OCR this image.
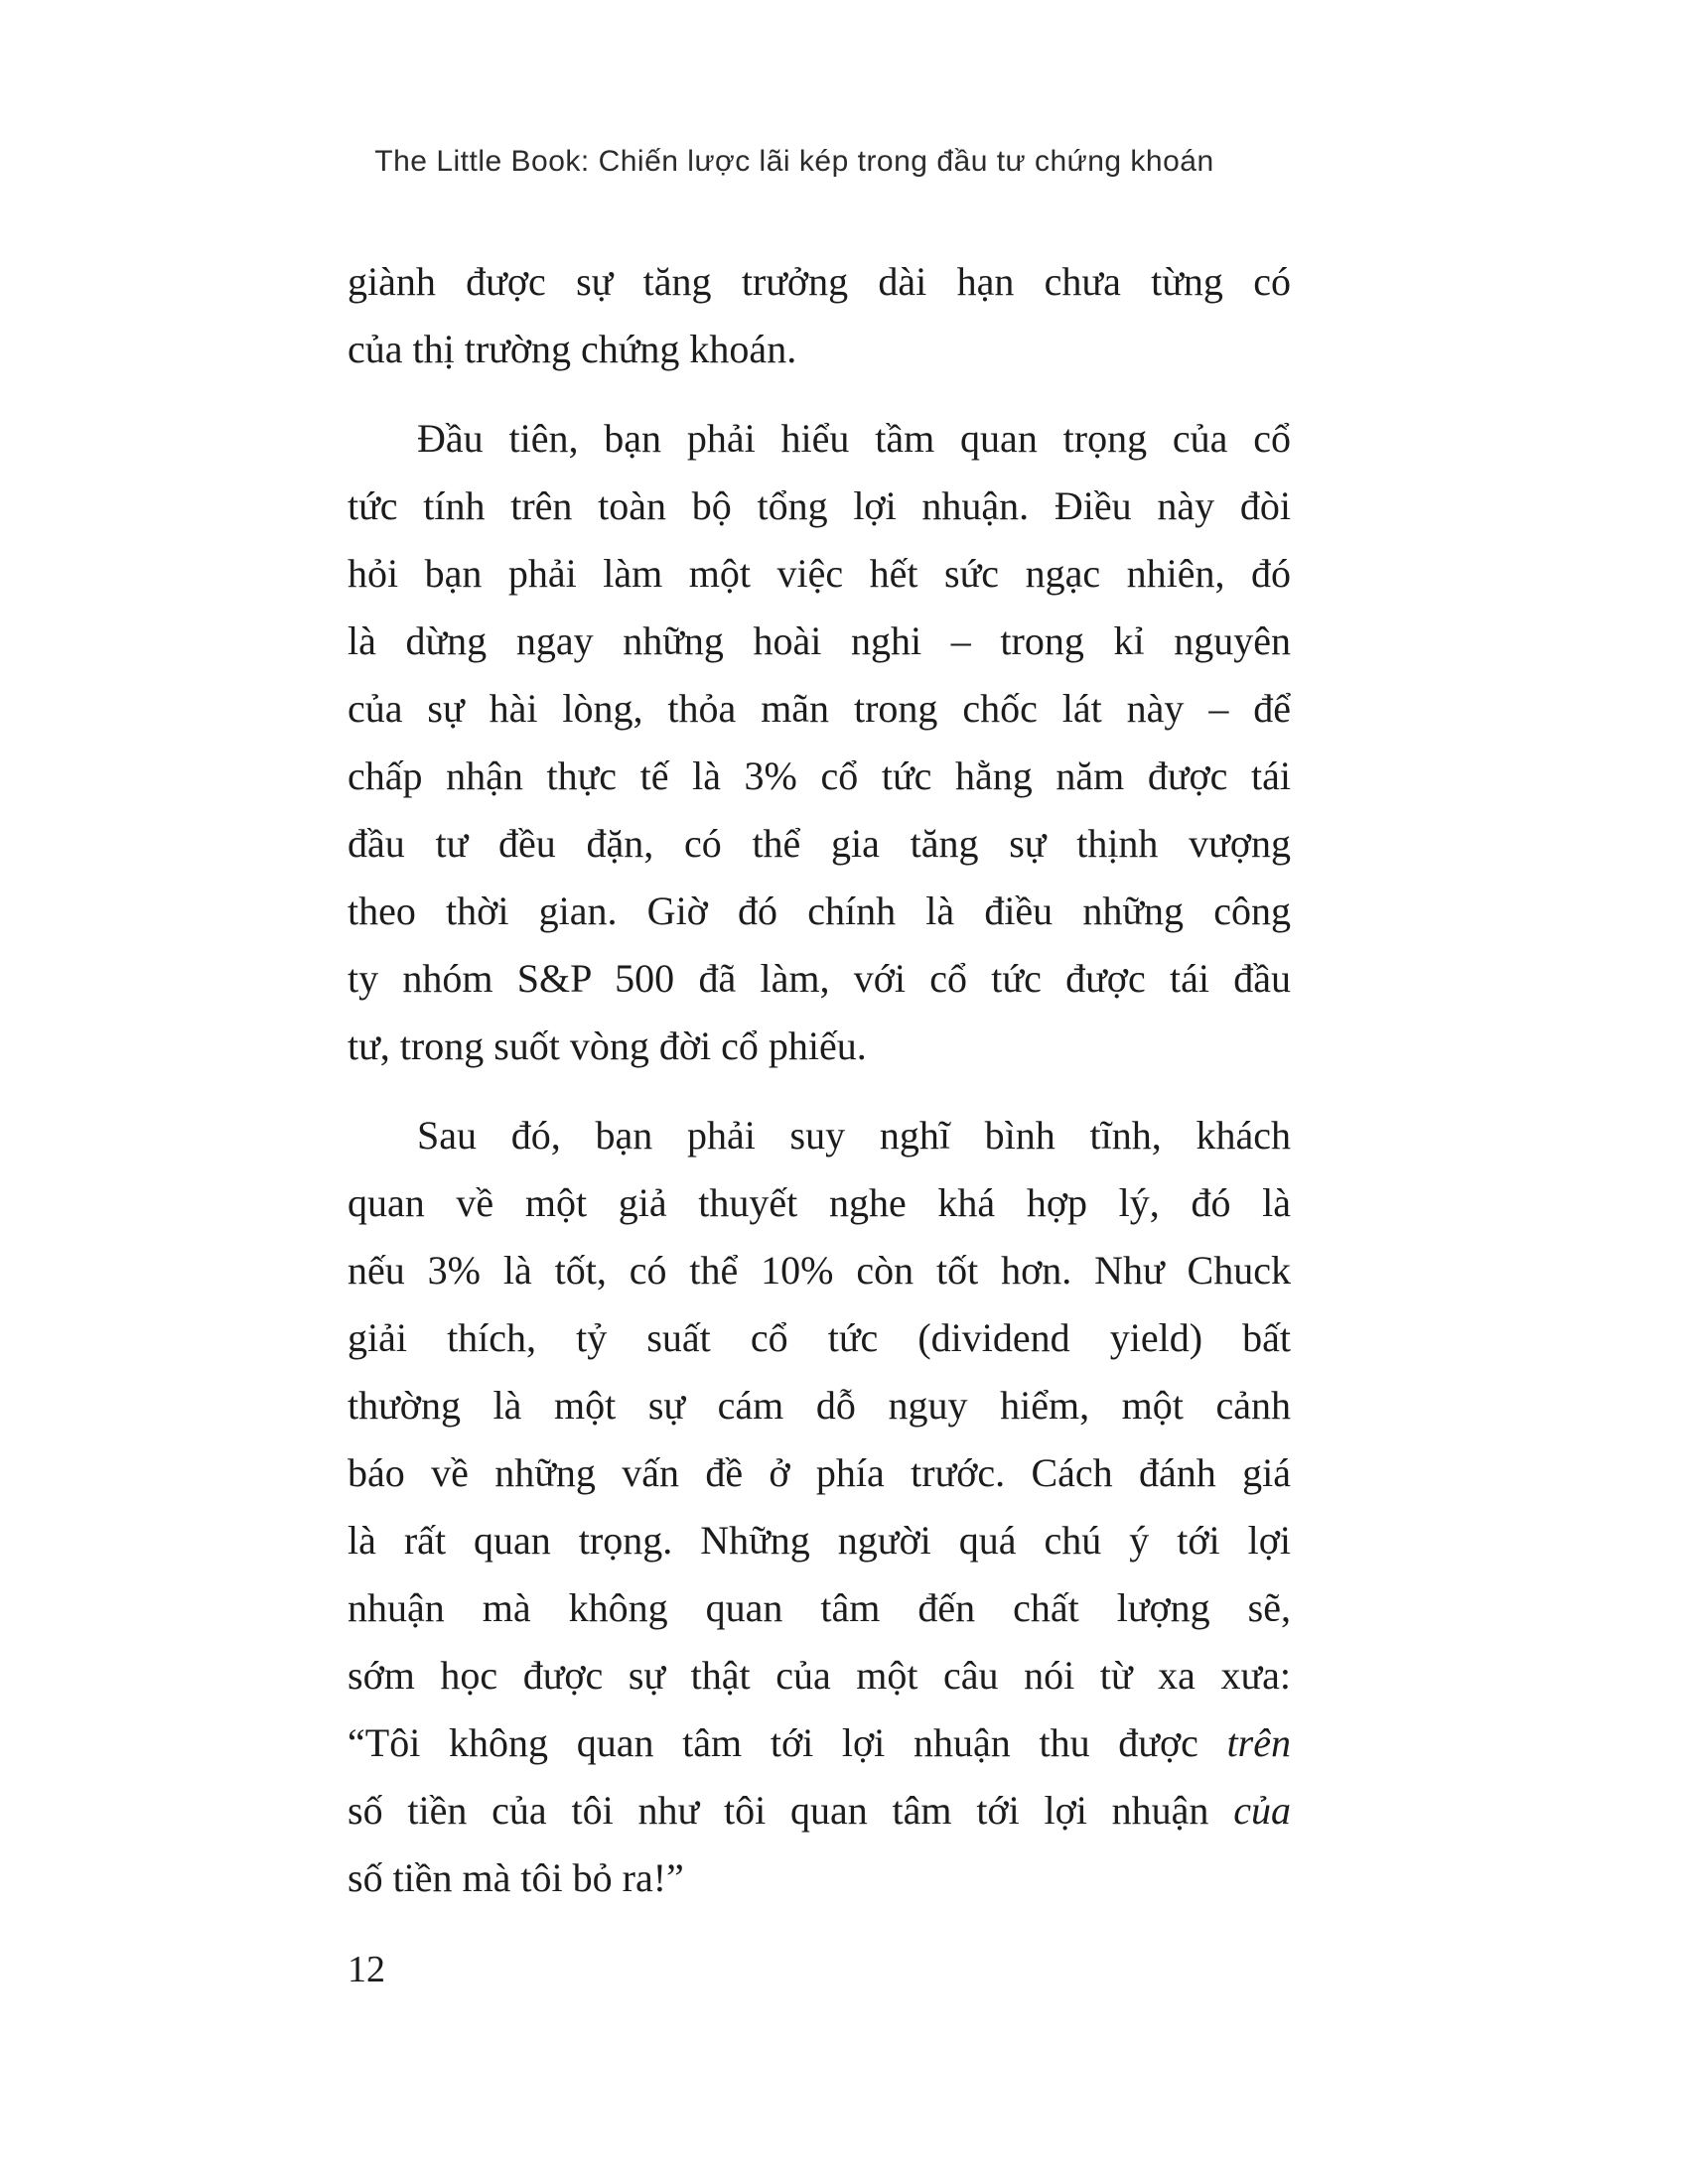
The Little Book: Chiến lược lãi kép trong đầu tư chứng khoán
giành được sự tăng trưởng dài hạn chưa từng có
của thị trường chứng khoán.
Đầu tiên, bạn phải hiểu tầm quan trọng của cổ
tức tính trên toàn bộ tổng lợi nhuận. Điều này đòi
hỏi bạn phải làm một việc hết sức ngạc nhiên, đó
là dừng ngay những hoài nghi – trong kỉ nguyên
của sự hài lòng, thỏa mãn trong chốc lát này – để
chấp nhận thực tế là 3% cổ tức hằng năm được tái
đầu tư đều đặn, có thể gia tăng sự thịnh vượng
theo thời gian. Giờ đó chính là điều những công
ty nhóm S&P 500 đã làm, với cổ tức được tái đầu
tư, trong suốt vòng đời cổ phiếu.
Sau đó, bạn phải suy nghĩ bình tĩnh, khách
quan về một giả thuyết nghe khá hợp lý, đó là
nếu 3% là tốt, có thể 10% còn tốt hơn. Như Chuck
giải thích, tỷ suất cổ tức (dividend yield) bất
thường là một sự cám dỗ nguy hiểm, một cảnh
báo về những vấn đề ở phía trước. Cách đánh giá
là rất quan trọng. Những người quá chú ý tới lợi
nhuận mà không quan tâm đến chất lượng sẽ,
sớm học được sự thật của một câu nói từ xa xưa:
“Tôi không quan tâm tới lợi nhuận thu được trên
số tiền của tôi như tôi quan tâm tới lợi nhuận của
số tiền mà tôi bỏ ra!”
12
